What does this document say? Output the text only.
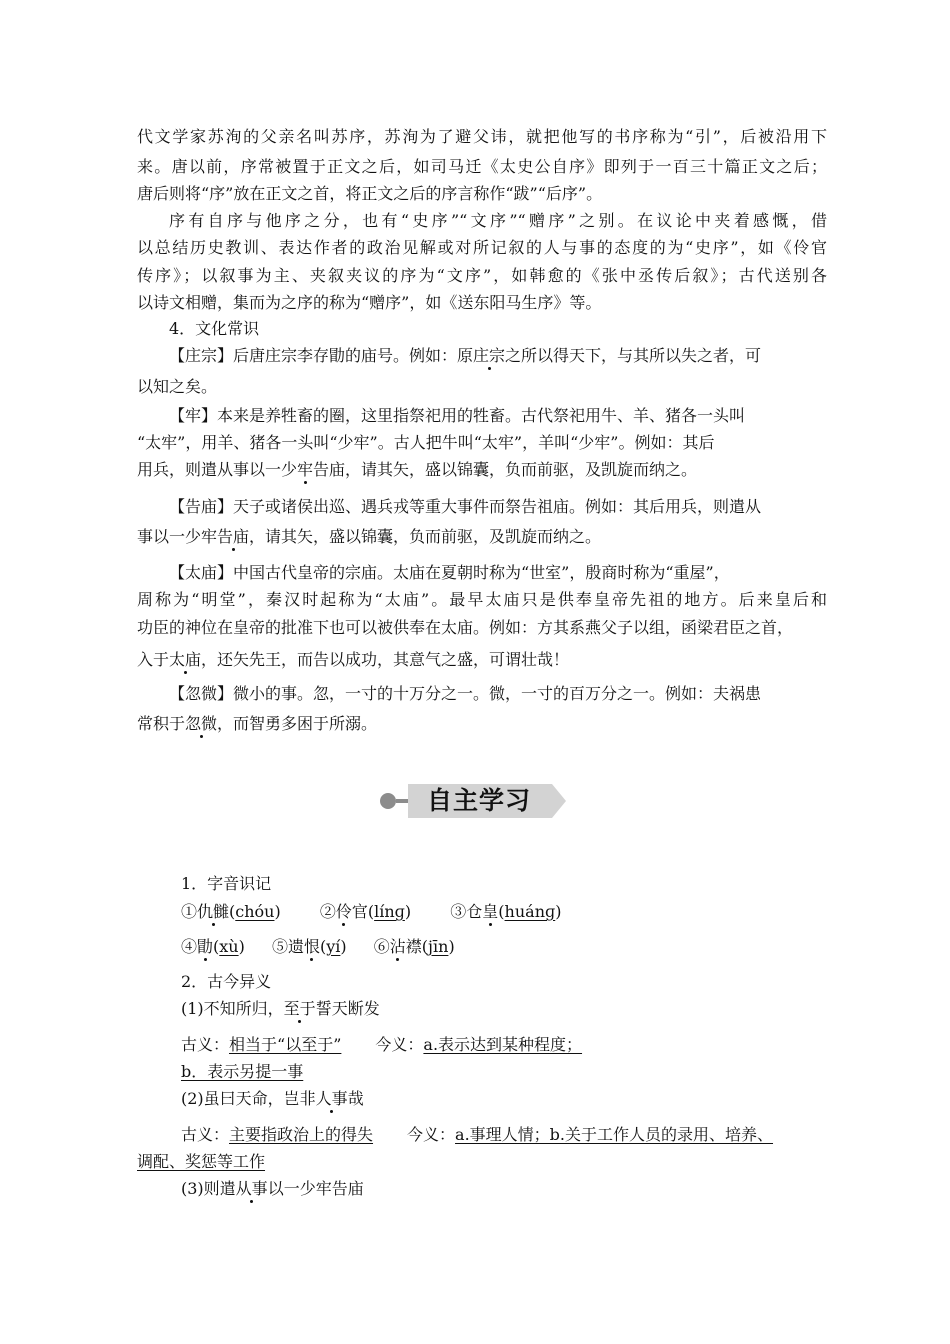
代文学家苏洵的父亲名叫苏序，苏洵为了避父讳，就把他写的书序称为“引”，后被沿用下
来。唐以前，序常被置于正文之后，如司马迁《太史公自序》即列于一百三十篇正文之后；
唐后则将“序”放在正文之首，将正文之后的序言称作“跋”“后序”。
序有自序与他序之分，也有“史序”“文序”“赠序”之别。在议论中夹着感慨，借
以总结历史教训、表达作者的政治见解或对所记叙的人与事的态度的为“史序”，如《伶官
传序》；以叙事为主、夹叙夹议的序为“文序”，如韩愈的《张中丞传后叙》；古代送别各
以诗文相赠，集而为之序的称为“赠序”，如《送东阳马生序》等。
4．文化常识
【庄宗】后唐庄宗李存勖的庙号。例如：原庄宗之所以得天下，与其所以失之者，可
以知之矣。
【牢】本来是养牲畜的圈，这里指祭祀用的牲畜。古代祭祀用牛、羊、猪各一头叫
“太牢”，用羊、猪各一头叫“少牢”。古人把牛叫“太牢”，羊叫“少牢”。例如：其后
用兵，则遣从事以一少牢告庙，请其矢，盛以锦囊，负而前驱，及凯旋而纳之。
【告庙】天子或诸侯出巡、遇兵戎等重大事件而祭告祖庙。例如：其后用兵，则遣从
事以一少牢告庙，请其矢，盛以锦囊，负而前驱，及凯旋而纳之。
【太庙】中国古代皇帝的宗庙。太庙在夏朝时称为“世室”，殷商时称为“重屋”，
周称为“明堂”，秦汉时起称为“太庙”。最早太庙只是供奉皇帝先祖的地方。后来皇后和
功臣的神位在皇帝的批准下也可以被供奉在太庙。例如：方其系燕父子以组，函梁君臣之首，
入于太庙，还矢先王，而告以成功，其意气之盛，可谓壮哉！
【忽微】微小的事。忽，一寸的十万分之一。微，一寸的百万分之一。例如：夫祸患
常积于忽微，而智勇多困于所溺。
自主学习
1．字音识记
①仇雠(chóu) ②伶官(línɡ) ③仓皇(huánɡ)
④勖(xù) ⑤遗恨(yí) ⑥沾襟(jīn)
2．古今异义
(1)不知所归，至于誓天断发
古义：相当于“以至于” 今义：a.表示达到某种程度；
b．表示另提一事
(2)虽曰天命，岂非人事哉
古义：主要指政治上的得失 今义：a.事理人情；b.关于工作人员的录用、培养、
调配、奖惩等工作
(3)则遣从事以一少牢告庙
